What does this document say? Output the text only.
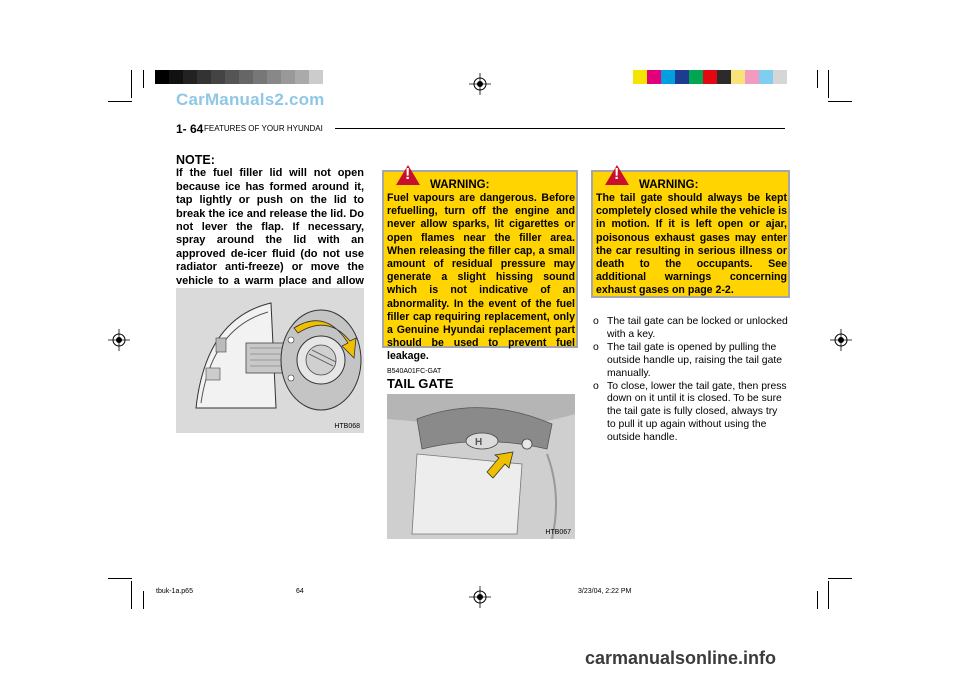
CarManuals2.com
1- 64 FEATURES OF YOUR HYUNDAI
NOTE:
If the fuel filler lid will not open because ice has formed around it, tap lightly or push on the lid to break the ice and release the lid. Do not lever the flap. If necessary, spray around the lid with an approved de-icer fluid (do not use radiator anti-freeze) or move the vehicle to a warm place and allow
HTB068
!
WARNING:
Fuel vapours are dangerous. Before refuelling, turn off the engine and never allow sparks, lit cigarettes or open flames near the filler area. When releasing the filler cap, a small amount of residual pressure may generate a slight hissing sound which is not indicative of an abnormality. In the event of the fuel filler cap requiring replacement, only a Genuine Hyundai replacement part should be used to prevent fuel leakage.
!
WARNING:
The tail gate should always be kept completely closed while the vehicle is in motion. If it is left open or ajar, poisonous exhaust gases may enter the car resulting in serious illness or death to the occupants. See additional warnings concerning exhaust gases on page 2-2.
B540A01FC-GAT
TAIL GATE
H
HTB067
o The tail gate can be locked or unlocked with a key.
o The tail gate is opened by pulling the outside handle up, raising the tail gate manually.
o To close, lower the tail gate, then press down on it until it is closed. To be sure the tail gate is fully closed, always try to pull it up again without using the outside handle.
tbuk-1a.p65	64	3/23/04, 2:22 PM
carmanualsonline.info
